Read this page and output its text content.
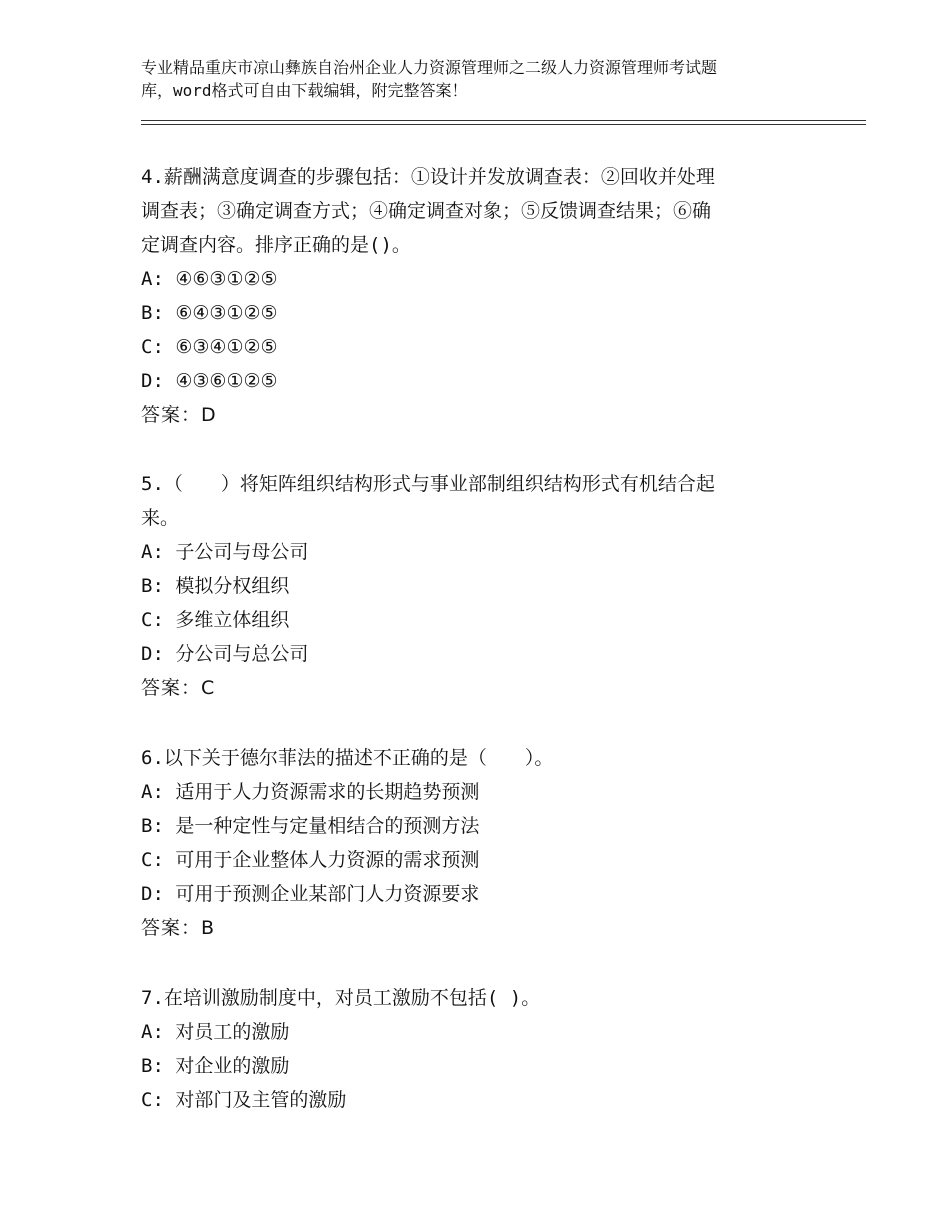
专业精品重庆市凉山彝族自治州企业人力资源管理师之二级人力资源管理师考试题
库，word格式可自由下载编辑，附完整答案！

4.薪酬满意度调查的步骤包括：①设计并发放调查表：②回收并处理

调查表；③确定调查方式；④确定调查对象；⑤反馈调查结果；⑥确

定调查内容。排序正确的是()。

A: ④⑥③①②⑤

B: ⑥④③①②⑤

C: ⑥③④①②⑤

D: ④③⑥①②⑤

答案：D

5.（　　）将矩阵组织结构形式与事业部制组织结构形式有机结合起

来。

A: 子公司与母公司

B: 模拟分权组织

C: 多维立体组织

D: 分公司与总公司

答案：C

6.以下关于德尔菲法的描述不正确的是（　　）。

A: 适用于人力资源需求的长期趋势预测

B: 是一种定性与定量相结合的预测方法

C: 可用于企业整体人力资源的需求预测

D: 可用于预测企业某部门人力资源要求

答案：B

7.在培训激励制度中，对员工激励不包括( )。

A: 对员工的激励

B: 对企业的激励

C: 对部门及主管的激励
